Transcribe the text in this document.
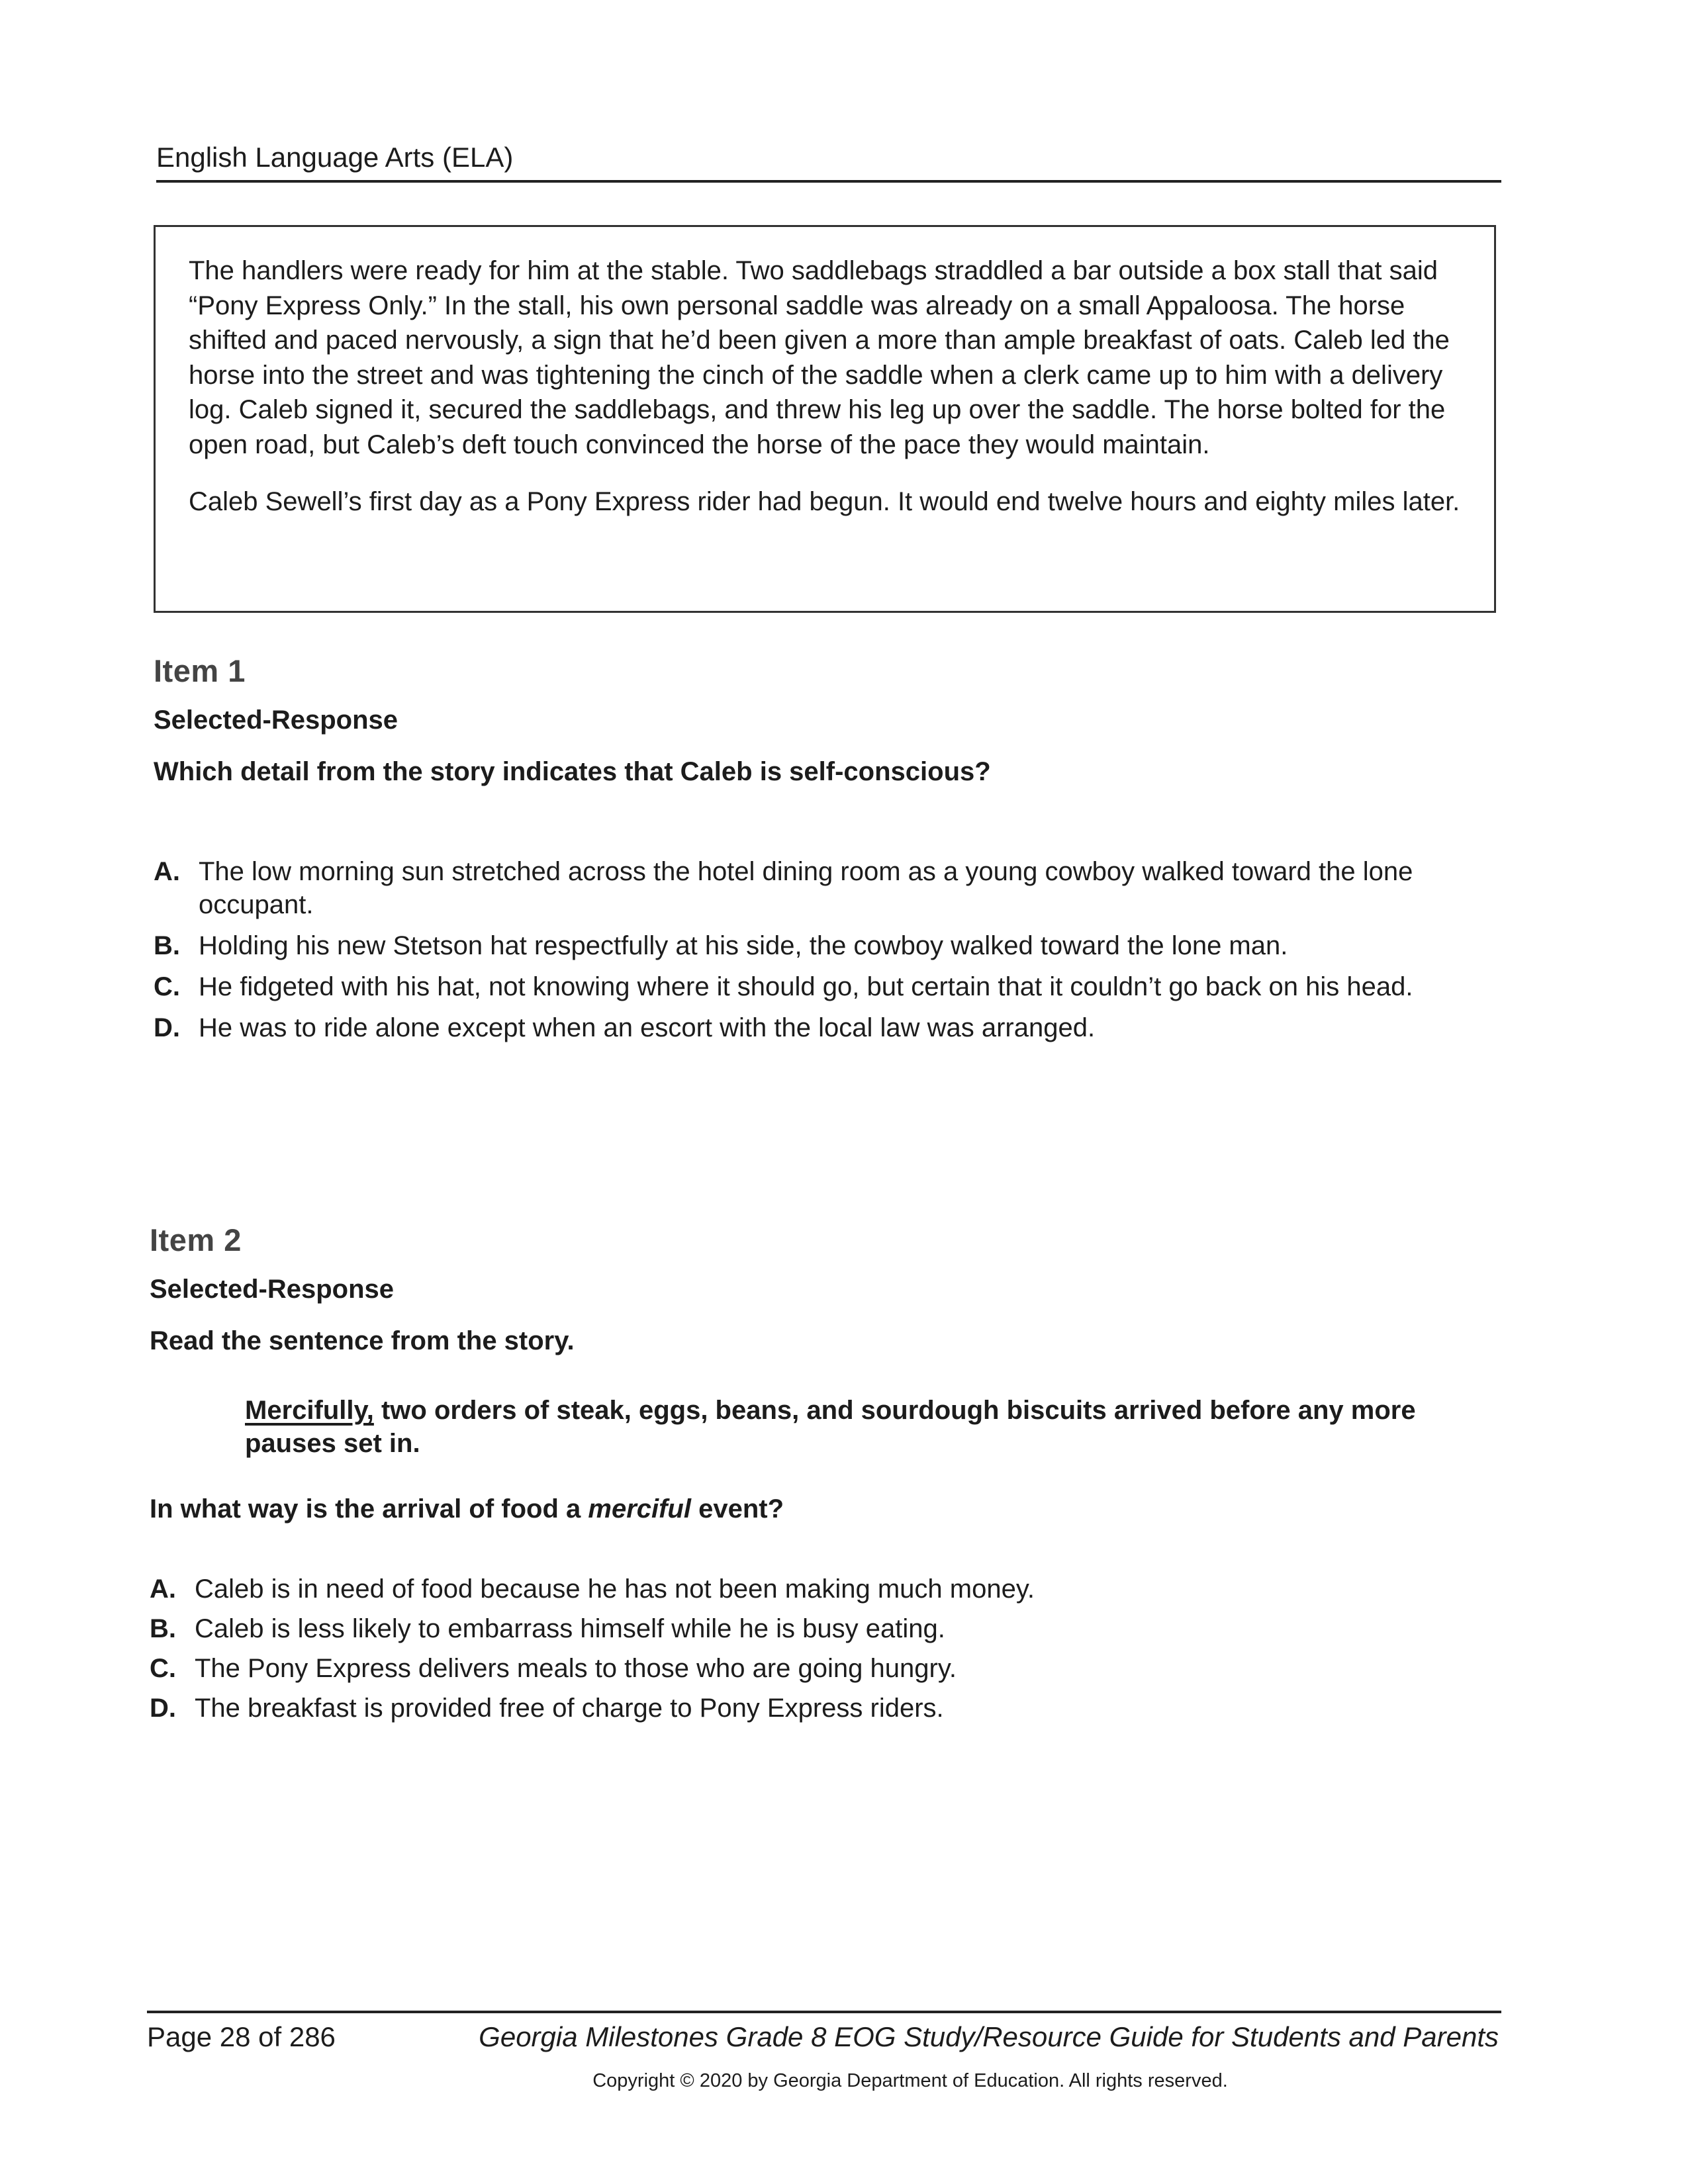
English Language Arts (ELA)

The handlers were ready for him at the stable. Two saddlebags straddled a bar outside a box stall that said “Pony Express Only.” In the stall, his own personal saddle was already on a small Appaloosa. The horse shifted and paced nervously, a sign that he’d been given a more than ample breakfast of oats. Caleb led the horse into the street and was tightening the cinch of the saddle when a clerk came up to him with a delivery log. Caleb signed it, secured the saddlebags, and threw his leg up over the saddle. The horse bolted for the open road, but Caleb’s deft touch convinced the horse of the pace they would maintain.

Caleb Sewell’s first day as a Pony Express rider had begun. It would end twelve hours and eighty miles later.

Item 1
Selected-Response
Which detail from the story indicates that Caleb is self-conscious?
A. The low morning sun stretched across the hotel dining room as a young cowboy walked toward the lone occupant.
B. Holding his new Stetson hat respectfully at his side, the cowboy walked toward the lone man.
C. He fidgeted with his hat, not knowing where it should go, but certain that it couldn’t go back on his head.
D. He was to ride alone except when an escort with the local law was arranged.
Item 2
Selected-Response
Read the sentence from the story.
Mercifully, two orders of steak, eggs, beans, and sourdough biscuits arrived before any more pauses set in.
In what way is the arrival of food a merciful event?
A. Caleb is in need of food because he has not been making much money.
B. Caleb is less likely to embarrass himself while he is busy eating.
C. The Pony Express delivers meals to those who are going hungry.
D. The breakfast is provided free of charge to Pony Express riders.
Page 28 of 286	Georgia Milestones Grade 8 EOG Study/Resource Guide for Students and Parents
Copyright © 2020 by Georgia Department of Education. All rights reserved.
